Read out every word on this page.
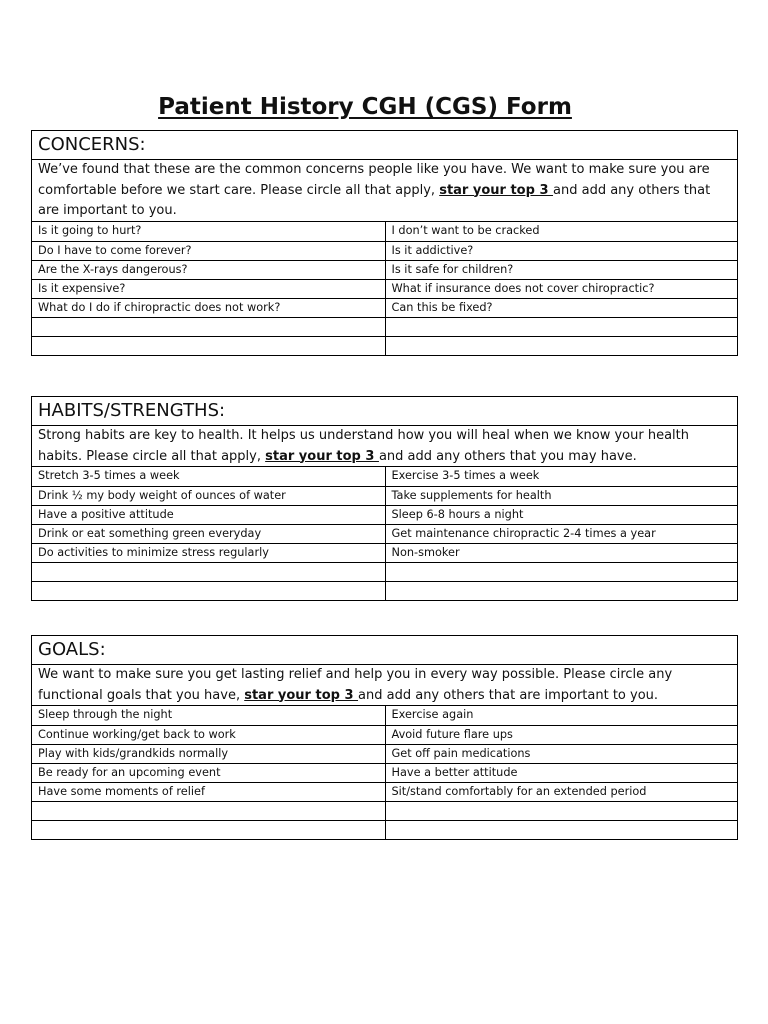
Patient History CGH (CGS) Form
CONCERNS:
We’ve found that these are the common concerns people like you have. We want to make sure you are comfortable before we start care. Please circle all that apply, star your top 3 and add any others that are important to you.
Is it going to hurt?	I don’t want to be cracked
Do I have to come forever?	Is it addictive?
Are the X-rays dangerous?	Is it safe for children?
Is it expensive?	What if insurance does not cover chiropractic?
What do I do if chiropractic does not work?	Can this be fixed?

HABITS/STRENGTHS:
Strong habits are key to health. It helps us understand how you will heal when we know your health habits. Please circle all that apply, star your top 3 and add any others that you may have.
Stretch 3-5 times a week	Exercise 3-5 times a week
Drink ½ my body weight of ounces of water	Take supplements for health
Have a positive attitude	Sleep 6-8 hours a night
Drink or eat something green everyday	Get maintenance chiropractic 2-4 times a year
Do activities to minimize stress regularly	Non-smoker

GOALS:
We want to make sure you get lasting relief and help you in every way possible. Please circle any functional goals that you have, star your top 3 and add any others that are important to you.
Sleep through the night	Exercise again
Continue working/get back to work	Avoid future flare ups
Play with kids/grandkids normally	Get off pain medications
Be ready for an upcoming event	Have a better attitude
Have some moments of relief	Sit/stand comfortably for an extended period
